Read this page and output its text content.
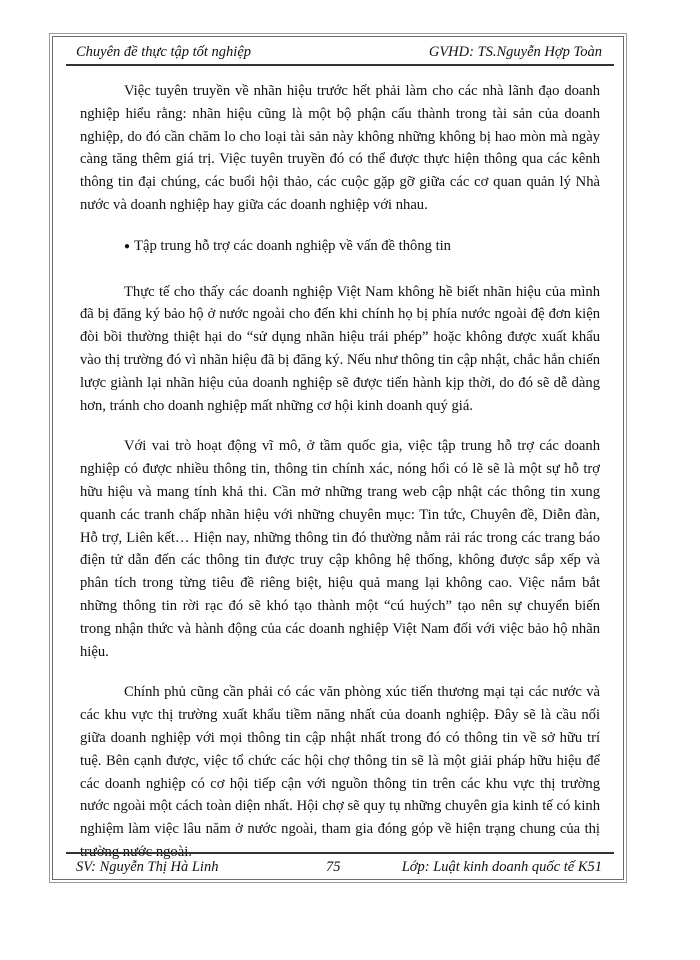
Chuyên đề thực tập tốt nghiệp	GVHD: TS.Nguyễn Hợp Toàn

Việc tuyên truyền về nhãn hiệu trước hết phải làm cho các nhà lãnh đạo doanh nghiệp hiểu rằng: nhãn hiệu cũng là một bộ phận cấu thành trong tài sản của doanh nghiệp, do đó cần chăm lo cho loại tài sản này không những không bị hao mòn mà ngày càng tăng thêm giá trị. Việc tuyên truyền đó có thể được thực hiện thông qua các kênh thông tin đại chúng, các buổi hội thảo, các cuộc gặp gỡ giữa các cơ quan quản lý Nhà nước và doanh nghiệp hay giữa các doanh nghiệp với nhau.

● Tập trung hỗ trợ các doanh nghiệp về vấn đề thông tin

Thực tế cho thấy các doanh nghiệp Việt Nam không hề biết nhãn hiệu của mình đã bị đăng ký bảo hộ ở nước ngoài cho đến khi chính họ bị phía nước ngoài đệ đơn kiện đòi bồi thường thiệt hại do “sử dụng nhãn hiệu trái phép” hoặc không được xuất khẩu vào thị trường đó vì nhãn hiệu đã bị đăng ký. Nếu như thông tin cập nhật, chắc hẳn chiến lược giành lại nhãn hiệu của doanh nghiệp sẽ được tiến hành kịp thời, do đó sẽ dễ dàng hơn, tránh cho doanh nghiệp mất những cơ hội kinh doanh quý giá.

Với vai trò hoạt động vĩ mô, ở tầm quốc gia, việc tập trung hỗ trợ các doanh nghiệp có được nhiều thông tin, thông tin chính xác, nóng hổi có lẽ sẽ là một sự hỗ trợ hữu hiệu và mang tính khả thi. Cần mở những trang web cập nhật các thông tin xung quanh các tranh chấp nhãn hiệu với những chuyên mục: Tin tức, Chuyên đề, Diễn đàn, Hỗ trợ, Liên kết… Hiện nay, những thông tin đó thường nằm rải rác trong các trang báo điện tử dẫn đến các thông tin được truy cập không hệ thống, không được sắp xếp và phân tích trong từng tiêu đề riêng biệt, hiệu quả mang lại không cao. Việc nắm bắt những thông tin rời rạc đó sẽ khó tạo thành một “cú huých” tạo nên sự chuyển biến trong nhận thức và hành động của các doanh nghiệp Việt Nam đối với việc bảo hộ nhãn hiệu.

Chính phủ cũng cần phải có các văn phòng xúc tiến thương mại tại các nước và các khu vực thị trường xuất khẩu tiềm năng nhất của doanh nghiệp. Đây sẽ là cầu nối giữa doanh nghiệp với mọi thông tin cập nhật nhất trong đó có thông tin về sở hữu trí tuệ. Bên cạnh được, việc tổ chức các hội chợ thông tin sẽ là một giải pháp hữu hiệu để các doanh nghiệp có cơ hội tiếp cận với nguồn thông tin trên các khu vực thị trường nước ngoài một cách toàn diện nhất. Hội chợ sẽ quy tụ những chuyên gia kinh tế có kinh nghiệm làm việc lâu năm ở nước ngoài, tham gia đóng góp về hiện trạng chung của thị trường nước ngoài.

SV: Nguyễn Thị Hà Linh	75	Lớp: Luật kinh doanh quốc tế K51
